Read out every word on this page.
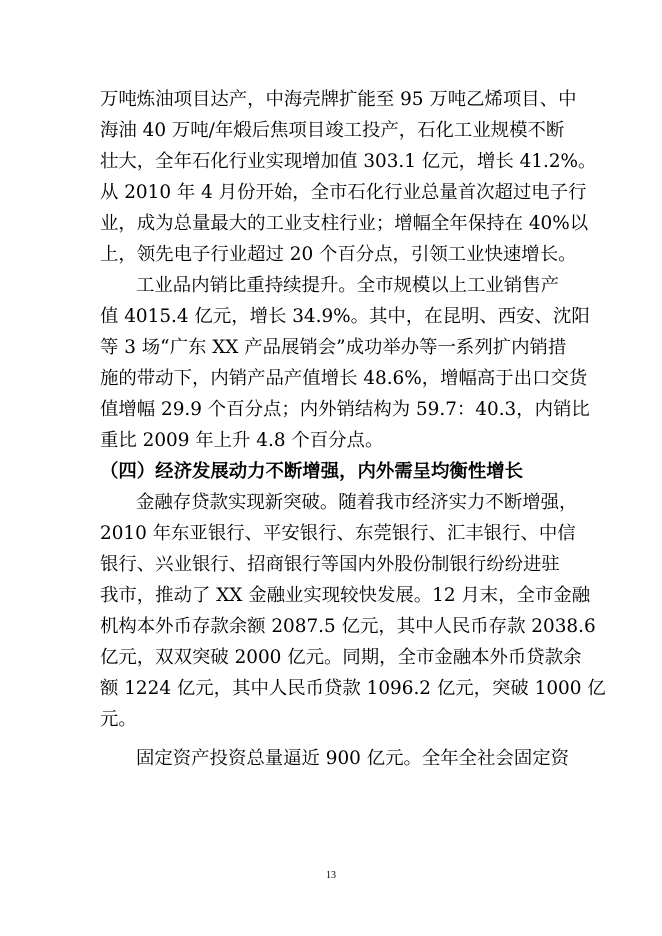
万吨炼油项目达产，中海壳牌扩能至 95 万吨乙烯项目、中
海油 40 万吨/年煅后焦项目竣工投产，石化工业规模不断
壮大，全年石化行业实现增加值 303.1 亿元，增长 41.2%。
从 2010 年 4 月份开始，全市石化行业总量首次超过电子行
业，成为总量最大的工业支柱行业；增幅全年保持在 40%以
上，领先电子行业超过 20 个百分点，引领工业快速增长。
工业品内销比重持续提升。全市规模以上工业销售产
值 4015.4 亿元，增长 34.9%。其中，在昆明、西安、沈阳
等 3 场“广东 XX 产品展销会”成功举办等一系列扩内销措
施的带动下，内销产品产值增长 48.6%，增幅高于出口交货
值增幅 29.9 个百分点；内外销结构为 59.7：40.3，内销比
重比 2009 年上升 4.8 个百分点。
（四）经济发展动力不断增强，内外需呈均衡性增长
金融存贷款实现新突破。随着我市经济实力不断增强，
2010 年东亚银行、平安银行、东莞银行、汇丰银行、中信
银行、兴业银行、招商银行等国内外股份制银行纷纷进驻
我市，推动了 XX 金融业实现较快发展。12 月末，全市金融
机构本外币存款余额 2087.5 亿元，其中人民币存款 2038.6
亿元，双双突破 2000 亿元。同期，全市金融本外币贷款余
额 1224 亿元，其中人民币贷款 1096.2 亿元，突破 1000 亿
元。
固定资产投资总量逼近 900 亿元。全年全社会固定资
13
